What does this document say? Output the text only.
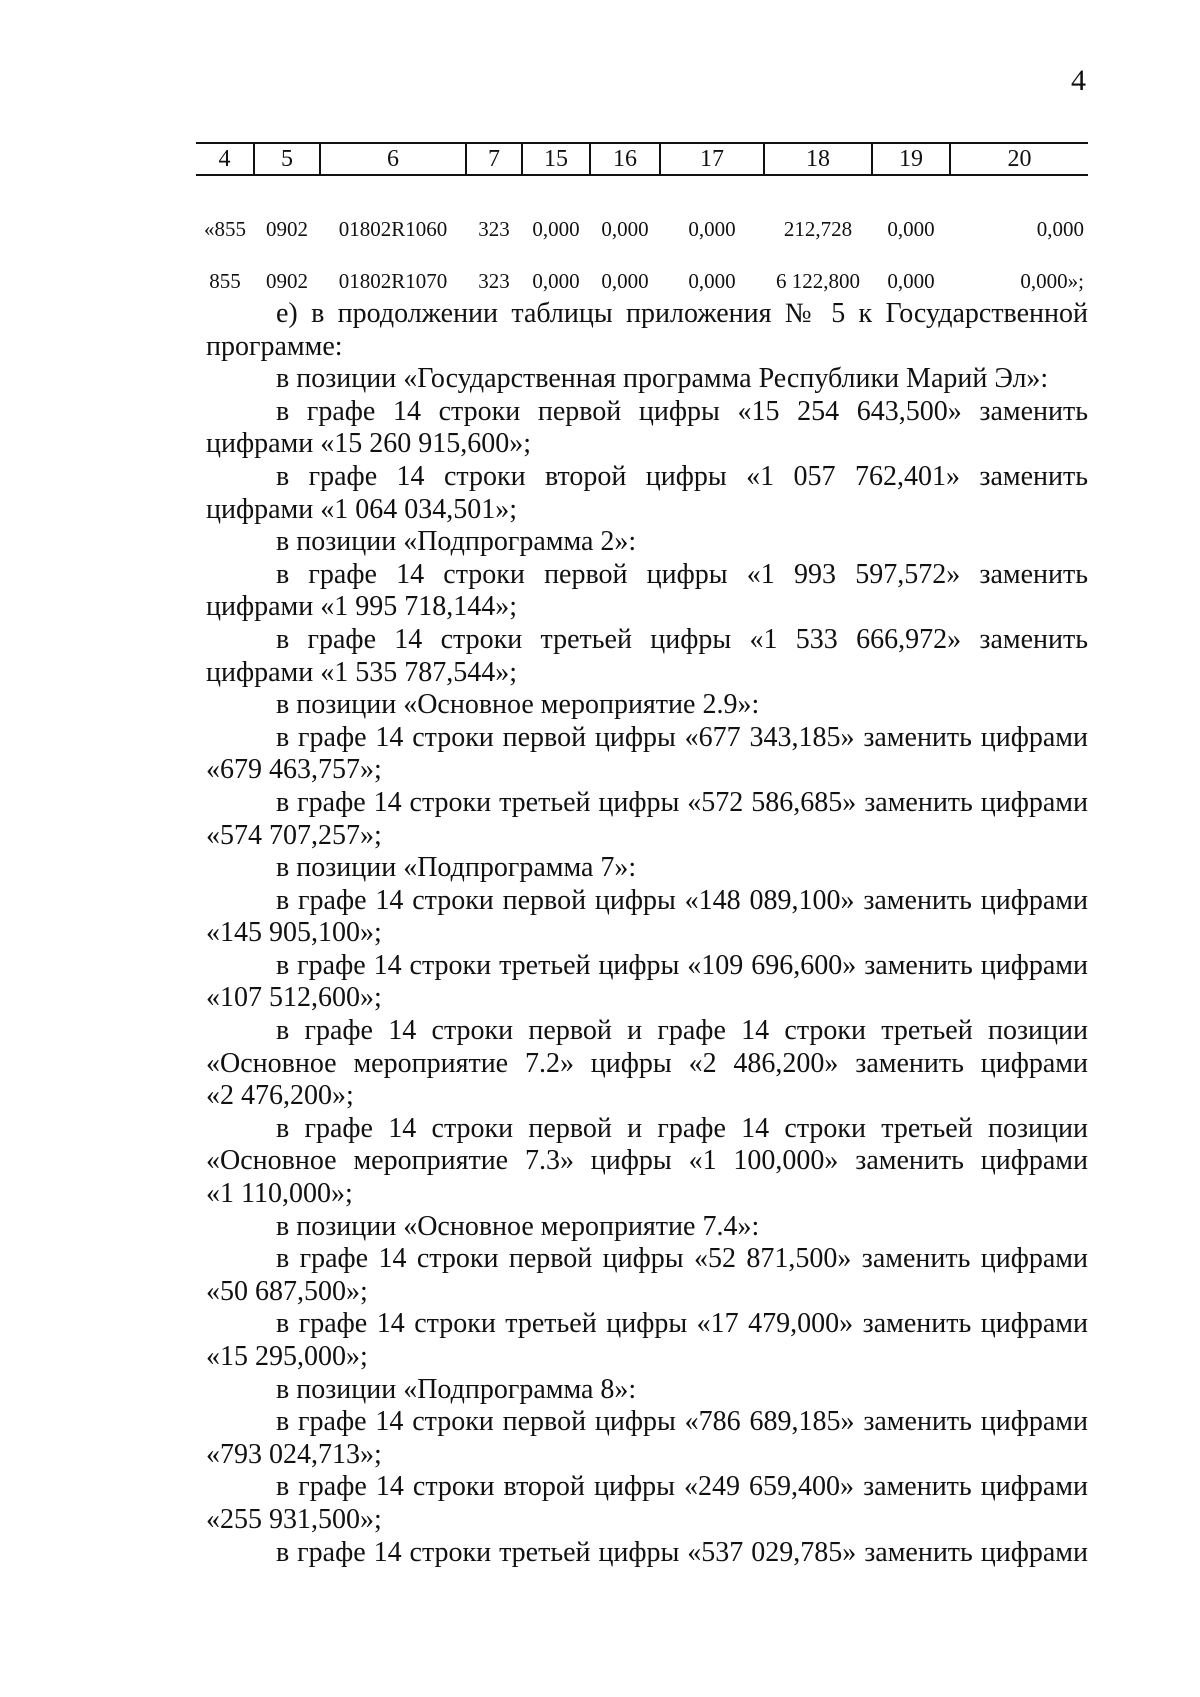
4
4	5	6	7	15	16	17	18	19	20
«855	0902	01802R1060	323	0,000	0,000	0,000	212,728	0,000	0,000
855	0902	01802R1070	323	0,000	0,000	0,000	6 122,800	0,000	0,000»;

е) в продолжении таблицы приложения № 5 к Государственной

программе:

в позиции «Государственная программа Республики Марий Эл»:

в графе 14 строки первой цифры «15 254 643,500» заменить

цифрами «15 260 915,600»;

в графе 14 строки второй цифры «1 057 762,401» заменить

цифрами «1 064 034,501»;

в позиции «Подпрограмма 2»:

в графе 14 строки первой цифры «1 993 597,572» заменить

цифрами «1 995 718,144»;

в графе 14 строки третьей цифры «1 533 666,972» заменить

цифрами «1 535 787,544»;

в позиции «Основное мероприятие 2.9»:

в графе 14 строки первой цифры «677 343,185» заменить цифрами

«679 463,757»;

в графе 14 строки третьей цифры «572 586,685» заменить цифрами

«574 707,257»;

в позиции «Подпрограмма 7»:

в графе 14 строки первой цифры «148 089,100» заменить цифрами

«145 905,100»;

в графе 14 строки третьей цифры «109 696,600» заменить цифрами

«107 512,600»;

в графе 14 строки первой и графе 14 строки третьей позиции

«Основное мероприятие 7.2» цифры «2 486,200» заменить цифрами

«2 476,200»;

в графе 14 строки первой и графе 14 строки третьей позиции

«Основное мероприятие 7.3» цифры «1 100,000» заменить цифрами

«1 110,000»;

в позиции «Основное мероприятие 7.4»:

в графе 14 строки первой цифры «52 871,500» заменить цифрами

«50 687,500»;

в графе 14 строки третьей цифры «17 479,000» заменить цифрами

«15 295,000»;

в позиции «Подпрограмма 8»:

в графе 14 строки первой цифры «786 689,185» заменить цифрами

«793 024,713»;

в графе 14 строки второй цифры «249 659,400» заменить цифрами

«255 931,500»;

в графе 14 строки третьей цифры «537 029,785» заменить цифрами
